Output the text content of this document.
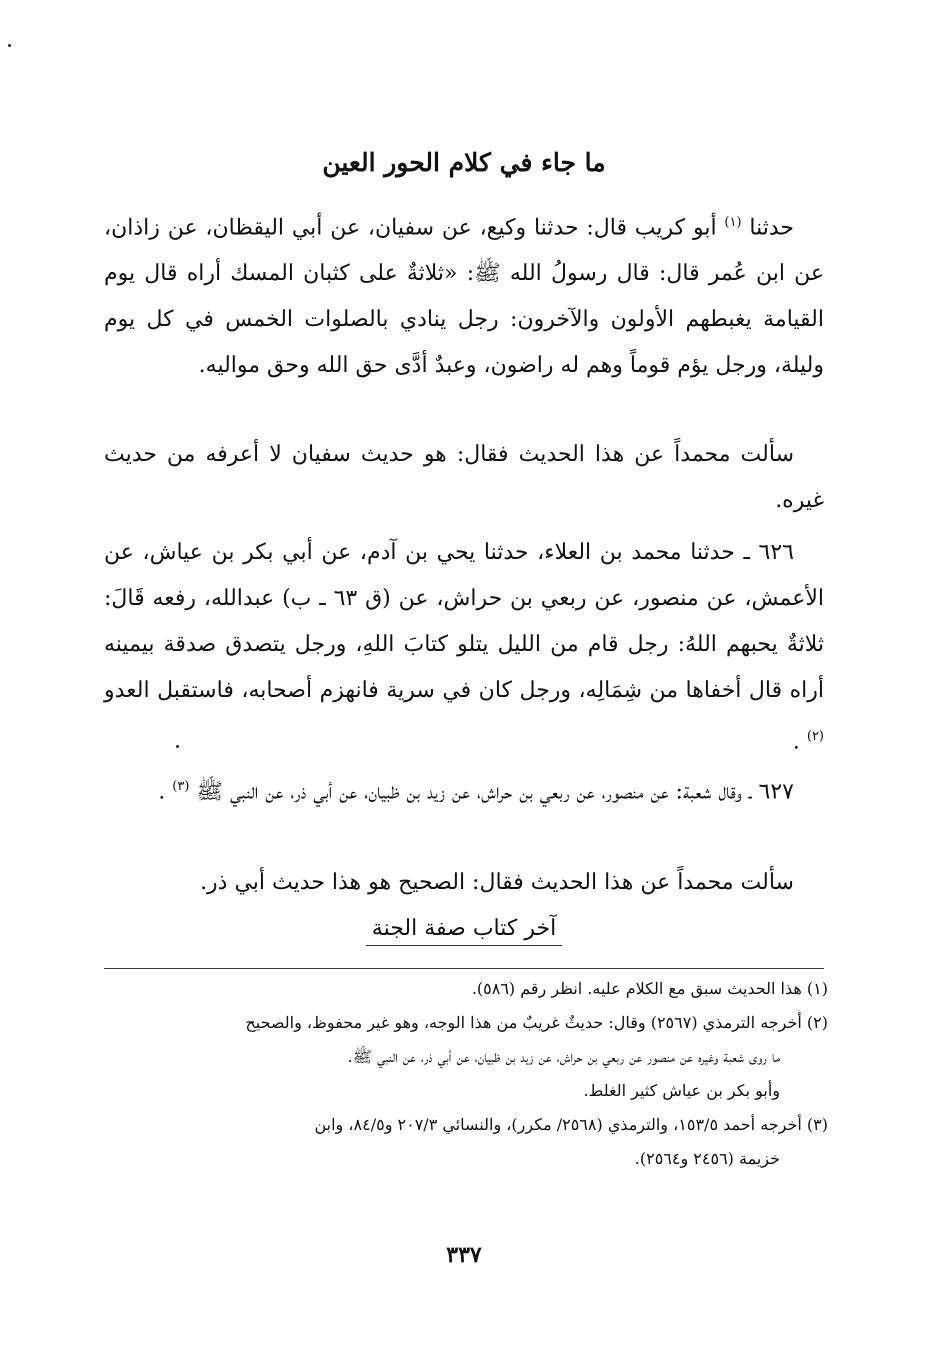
ما جاء في كلام الحور العين

حدثنا $^{(١)}$ أبو كريب قال: حدثنا وكيع، عن سفيان، عن أبي اليقظان، عن زاذان، عن ابن عُمر قال: قال رسولُ الله ﷺ: «ثلاثةٌ على كثبان المسك أراه قال يوم القيامة يغبطهم الأولون والآخرون: رجل ينادي بالصلوات الخمس في كل يوم وليلة، ورجل يؤم قوماً وهم له راضون، وعبدٌ أدَّى حق الله وحق مواليه.

سألت محمداً عن هذا الحديث فقال: هو حديث سفيان لا أعرفه من حديث غيره.

٦٢٦ ـ حدثنا محمد بن العلاء، حدثنا يحي بن آدم، عن أبي بكر بن عياش، عن الأعمش، عن منصور، عن ربعي بن حراش، عن (ق ٦٣ ـ ب) عبدالله، رفعه قَالَ: ثلاثةٌ يحبهم اللهُ: رجل قام من الليل يتلو كتابَ اللهِ، ورجل يتصدق صدقة بيمينه أراه قال أخفاها من شِمَالِه، ورجل كان في سرية فانهزم أصحابه، فاستقبل العدو $^{(٢)}$ .

٦٢٧ ـ وقال شعبة: عن منصور، عن ربعي بن حراش، عن زيد بن ظبيان، عن أبي ذر، عن النبي ﷺ $^{(٣)}$ .

سألت محمداً عن هذا الحديث فقال: الصحيح هو هذا حديث أبي ذر.

آخر كتاب صفة الجنة

(١) هذا الحديث سبق مع الكلام عليه. انظر رقم (٥٨٦).

(٢) أخرجه الترمذي (٢٥٦٧) وقال: حديثٌ غريبٌ من هذا الوجه، وهو غير محفوظ، والصحيح

ما روى شعبة وغيره عن منصور عن ربعي بن حراش، عن زيد بن ظبيان، عن أبي ذر، عن النبي ﷺ.

وأبو بكر بن عياش كثير الغلط.

(٣) أخرجه أحمد ١٥٣/٥، والترمذي (٢٥٦٨/ مكرر)، والنسائي ٢٠٧/٣ و٨٤/٥، وابن

خزيمة (٢٤٥٦ و٢٥٦٤).

٣٣٧
